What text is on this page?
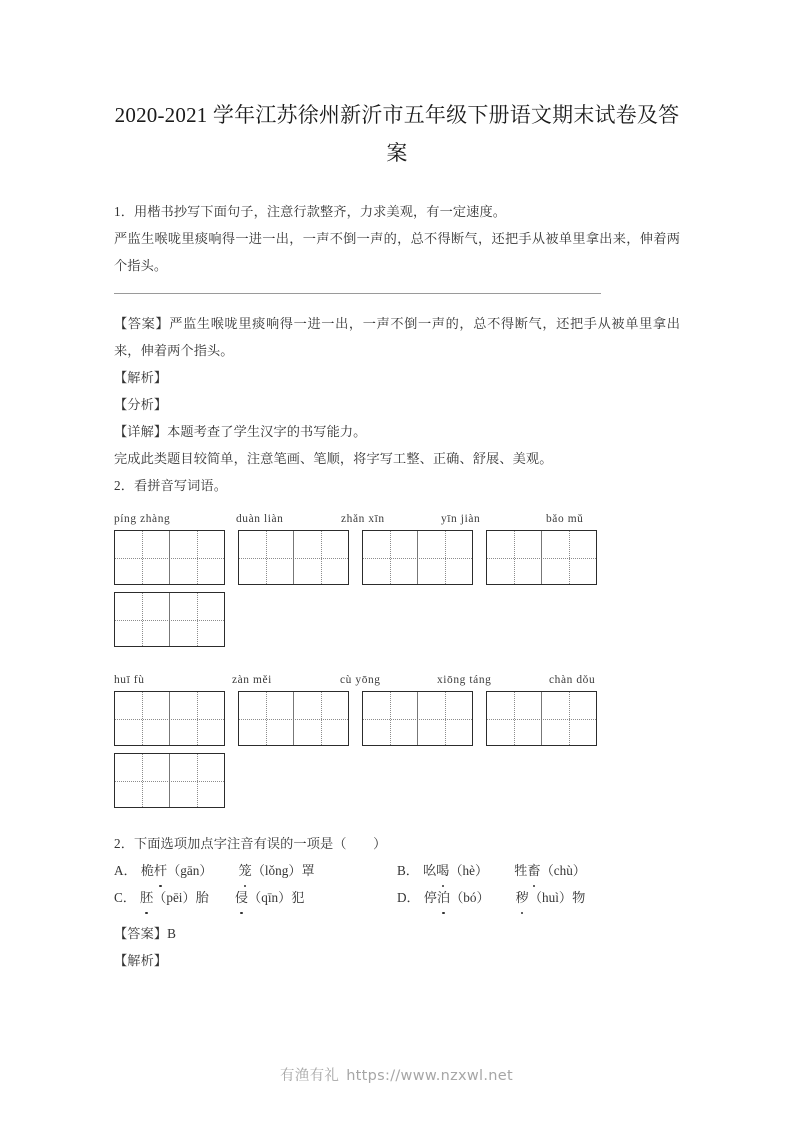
2020-2021 学年江苏徐州新沂市五年级下册语文期末试卷及答案

1．用楷书抄写下面句子，注意行款整齐，力求美观，有一定速度。

严监生喉咙里痰响得一进一出，一声不倒一声的，总不得断气，还把手从被单里拿出来，伸着两个指头。

【答案】严监生喉咙里痰响得一进一出，一声不倒一声的，总不得断气，还把手从被单里拿出来，伸着两个指头。

【解析】

【分析】

【详解】本题考查了学生汉字的书写能力。

完成此类题目较简单，注意笔画、笔顺，将字写工整、正确、舒展、美观。

2．看拼音写词语。

píng zhàng	duàn liàn	zhǎn xīn	yīn jiàn	bǎo mǔ
huī fù	zàn měi	cù yōng	xiōng táng	chàn dǒu

2．下面选项加点字注音有误的一项是（　　）

A． 桅杆（gān） 笼（lǒng）罩	B． 吆喝（hè） 牲畜（chù）
C． 胚（pēi）胎 侵（qīn）犯	D． 停泊（bó） 秽（huì）物

【答案】B

【解析】

有渔有礼 https://www.nzxwl.net
